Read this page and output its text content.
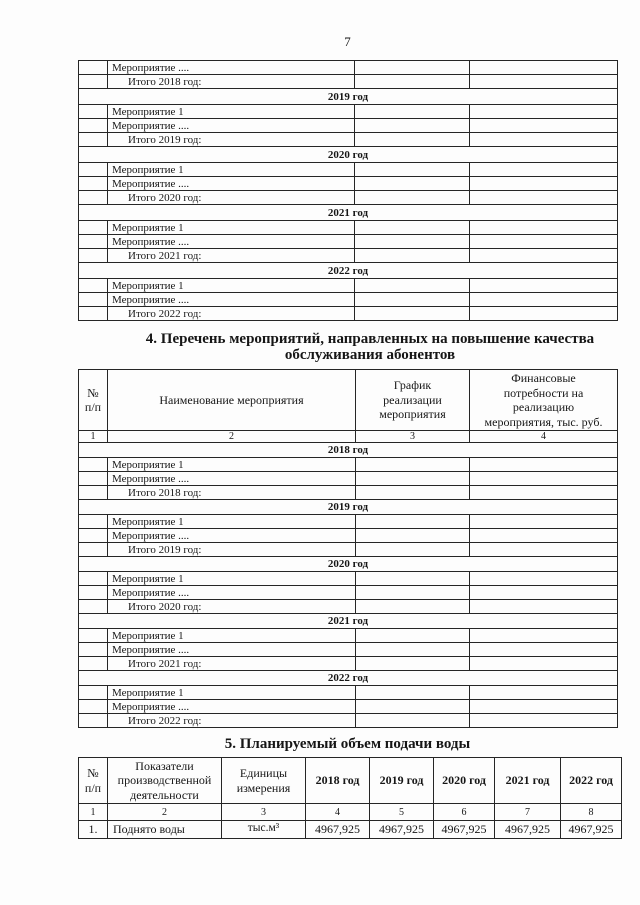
7
	Мероприятие ....		
	Итого 2018 год:		
2019 год			
	Мероприятие 1		
	Мероприятие ....		
	Итого 2019 год:		
2020 год			
	Мероприятие 1		
	Мероприятие ....		
	Итого 2020 год:		
2021 год			
	Мероприятие 1		
	Мероприятие ....		
	Итого 2021 год:		
2022 год			
	Мероприятие 1		
	Мероприятие ....		
	Итого 2022 год:		
4. Перечень мероприятий, направленных на повышение качества
обслуживания абонентов
№
п/п	Наименование мероприятия	График
реализации
мероприятия	Финансовые
потребности на
реализацию
мероприятия, тыс. руб.

1	2	3	4
2018 год			
	Мероприятие 1		
	Мероприятие ....		
	Итого 2018 год:		
2019 год			
	Мероприятие 1		
	Мероприятие ....		
	Итого 2019 год:		
2020 год			
	Мероприятие 1		
	Мероприятие ....		
	Итого 2020 год:		
2021 год			
	Мероприятие 1		
	Мероприятие ....		
	Итого 2021 год:		
2022 год			
	Мероприятие 1		
	Мероприятие ....		
	Итого 2022 год:		
5. Планируемый объем подачи воды
№
п/п	Показатели
производственной
деятельности	Единицы
измерения	2018 год	2019 год	2020 год	2021 год	2022 год
1	2	3	4	5	6	7	8
1.	Поднято воды	тыс.м³	4967,925	4967,925	4967,925	4967,925	4967,925
